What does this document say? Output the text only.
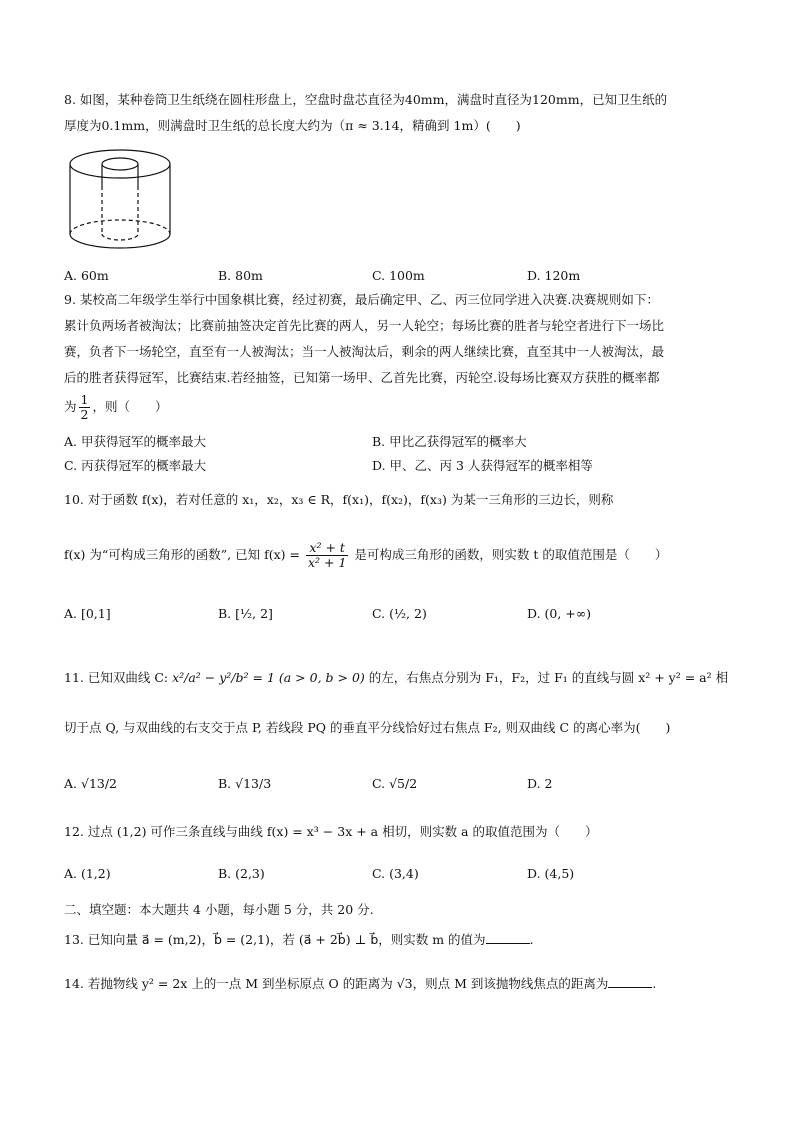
8. 如图，某种卷筒卫生纸绕在圆柱形盘上，空盘时盘芯直径为40mm，满盘时直径为120mm，已知卫生纸的
厚度为0.1mm，则满盘时卫生纸的总长度大约为（π ≈ 3.14，精确到 1m）(　　)
A. 60m	B. 80m	C. 100m	D. 120m
9. 某校高二年级学生举行中国象棋比赛，经过初赛，最后确定甲、乙、丙三位同学进入决赛.决赛规则如下：
累计负两场者被淘汰；比赛前抽签决定首先比赛的两人，另一人轮空；每场比赛的胜者与轮空者进行下一场比
赛，负者下一场轮空，直至有一人被淘汰；当一人被淘汰后，剩余的两人继续比赛，直至其中一人被淘汰，最
后的胜者获得冠军，比赛结束.若经抽签，已知第一场甲、乙首先比赛，丙轮空.设每场比赛双方获胜的概率都
为 $\frac{1}{2}$ ，则（　　）
A. 甲获得冠军的概率最大	B. 甲比乙获得冠军的概率大
C. 丙获得冠军的概率最大	D. 甲、乙、丙 3 人获得冠军的概率相等
10. 对于函数 f(x)，若对任意的 x₁，x₂，x₃ ∈ R，f(x₁)，f(x₂)，f(x₃) 为某一三角形的三边长，则称
f(x) 为“可构成三角形的函数”, 已知 $f(x) = \frac{\text{x² + t}}{\text{x² + 1}}$ 是可构成三角形的函数，则实数 t 的取值范围是（　　）
A. [0,1]	B. [½, 2]	C. (½, 2)	D. (0, +∞)
11. 已知双曲线 C: x²/a² − y²/b² = 1 (a > 0, b > 0) 的左，右焦点分别为 F₁，F₂，过 F₁ 的直线与圆 x² + y² = a² 相
切于点 Q, 与双曲线的右支交于点 P, 若线段 PQ 的垂直平分线恰好过右焦点 F₂, 则双曲线 C 的离心率为(　　)
A. √13/2	B. √13/3	C. √5/2	D. 2
12. 过点 (1,2) 可作三条直线与曲线 f(x) = x³ − 3x + a 相切，则实数 a 的取值范围为（　　）
A. (1,2)	B. (2,3)	C. (3,4)	D. (4,5)
二、填空题：本大题共 4 小题，每小题 5 分，共 20 分.
13. 已知向量 a⃗ = (m,2)，b⃗ = (2,1)，若 (a⃗ + 2b⃗) ⊥ b⃗，则实数 m 的值为	.
14. 若抛物线 y² = 2x 上的一点 M 到坐标原点 O 的距离为 √3，则点 M 到该抛物线焦点的距离为	.
